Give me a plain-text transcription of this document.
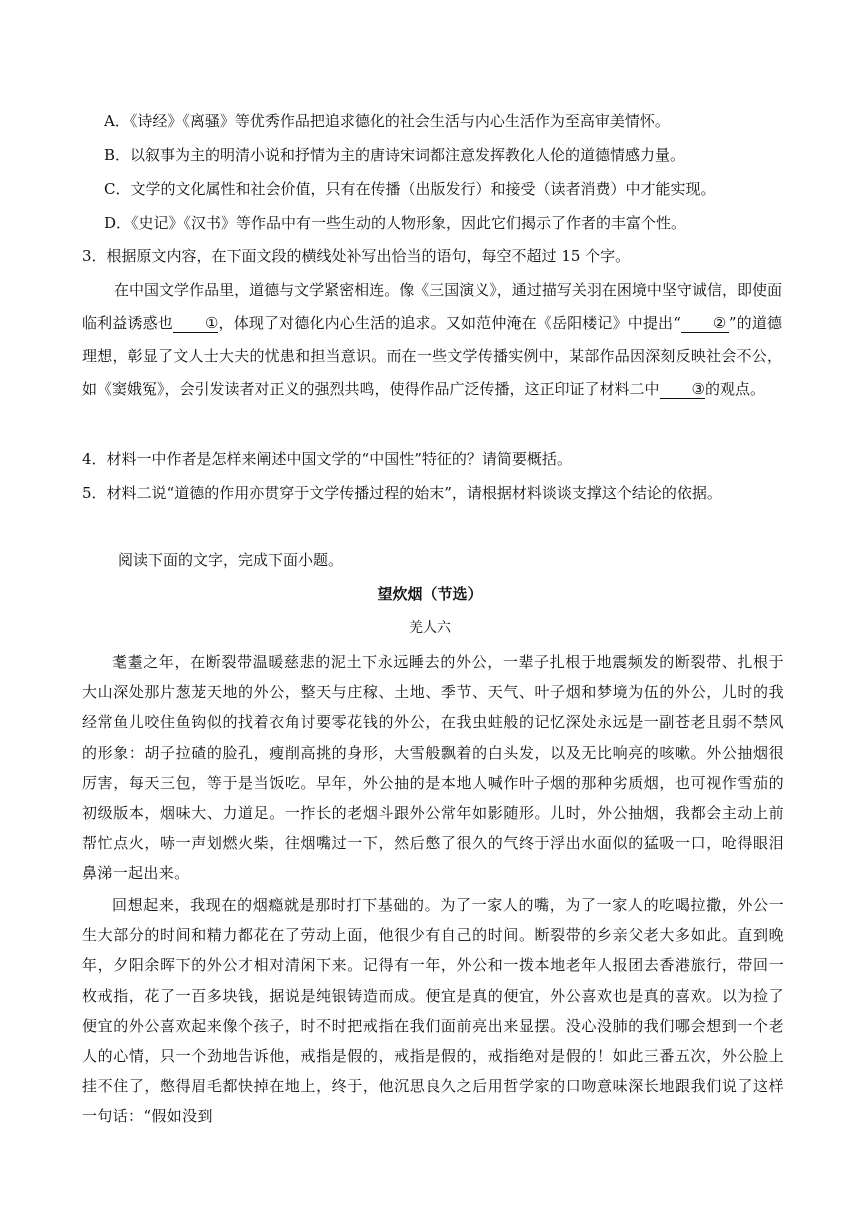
A．《诗经》《离骚》等优秀作品把追求德化的社会生活与内心生活作为至高审美情怀。
B．以叙事为主的明清小说和抒情为主的唐诗宋词都注意发挥教化人伦的道德情感力量。
C．文学的文化属性和社会价值，只有在传播（出版发行）和接受（读者消费）中才能实现。
D．《史记》《汉书》等作品中有一些生动的人物形象，因此它们揭示了作者的丰富个性。
3．根据原文内容，在下面文段的横线处补写出恰当的语句，每空不超过 15 个字。
在中国文学作品里，道德与文学紧密相连。像《三国演义》，通过描写关羽在困境中坚守诚信，即使面临利益诱惑也 ①，体现了对德化内心生活的追求。又如范仲淹在《岳阳楼记》中提出“ ② ”的道德理想，彰显了文人士大夫的忧患和担当意识。而在一些文学传播实例中，某部作品因深刻反映社会不公，如《窦娥冤》，会引发读者对正义的强烈共鸣，使得作品广泛传播，这正印证了材料二中 ③的观点。
4．材料一中作者是怎样来阐述中国文学的“中国性”特征的？请简要概括。
5．材料二说“道德的作用亦贯穿于文学传播过程的始末”，请根据材料谈谈支撑这个结论的依据。
阅读下面的文字，完成下面小题。
望炊烟（节选）
羌人六
耄耋之年，在断裂带温暖慈悲的泥土下永远睡去的外公，一辈子扎根于地震频发的断裂带、扎根于大山深处那片葱茏天地的外公，整天与庄稼、土地、季节、天气、叶子烟和梦境为伍的外公，儿时的我经常鱼儿咬住鱼钩似的找着衣角讨要零花钱的外公，在我虫蛀般的记忆深处永远是一副苍老且弱不禁风的形象：胡子拉碴的脸孔，瘦削高挑的身形，大雪般飘着的白头发，以及无比响亮的咳嗽。外公抽烟很厉害，每天三包，等于是当饭吃。早年，外公抽的是本地人喊作叶子烟的那种劣质烟，也可视作雪茄的初级版本，烟味大、力道足。一拃长的老烟斗跟外公常年如影随形。儿时，外公抽烟，我都会主动上前帮忙点火，哧一声划燃火柴，往烟嘴过一下，然后憋了很久的气终于浮出水面似的猛吸一口，呛得眼泪鼻涕一起出来。
回想起来，我现在的烟瘾就是那时打下基础的。为了一家人的嘴，为了一家人的吃喝拉撒，外公一生大部分的时间和精力都花在了劳动上面，他很少有自己的时间。断裂带的乡亲父老大多如此。直到晚年，夕阳余晖下的外公才相对清闲下来。记得有一年，外公和一拨本地老年人报团去香港旅行，带回一枚戒指，花了一百多块钱，据说是纯银铸造而成。便宜是真的便宜，外公喜欢也是真的喜欢。以为捡了便宜的外公喜欢起来像个孩子，时不时把戒指在我们面前亮出来显摆。没心没肺的我们哪会想到一个老人的心情，只一个劲地告诉他，戒指是假的，戒指是假的，戒指绝对是假的！如此三番五次，外公脸上挂不住了，憋得眉毛都快掉在地上，终于，他沉思良久之后用哲学家的口吻意味深长地跟我们说了这样一句话：“假如没到
